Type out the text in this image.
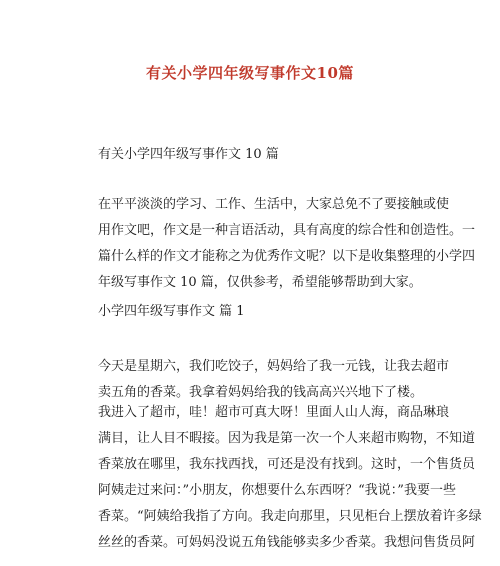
有关小学四年级写事作文10篇
有关小学四年级写事作文 10 篇
在平平淡淡的学习、工作、生活中，大家总免不了要接触或使
用作文吧，作文是一种言语活动，具有高度的综合性和创造性。一
篇什么样的作文才能称之为优秀作文呢？以下是收集整理的小学四
年级写事作文 10 篇，仅供参考，希望能够帮助到大家。
小学四年级写事作文 篇 1
今天是星期六，我们吃饺子，妈妈给了我一元钱，让我去超市
卖五角的香菜。我拿着妈妈给我的钱高高兴兴地下了楼。
我进入了超市，哇！超市可真大呀！里面人山人海，商品琳琅
满目，让人目不暇接。因为我是第一次一个人来超市购物，不知道
香菜放在哪里，我东找西找，可还是没有找到。这时，一个售货员
阿姨走过来问：”小朋友，你想要什么东西呀？“我说：”我要一些
香菜。“阿姨给我指了方向。我走向那里，只见柜台上摆放着许多绿
丝丝的香菜。可妈妈没说五角钱能够卖多少香菜。我想问售货员阿
